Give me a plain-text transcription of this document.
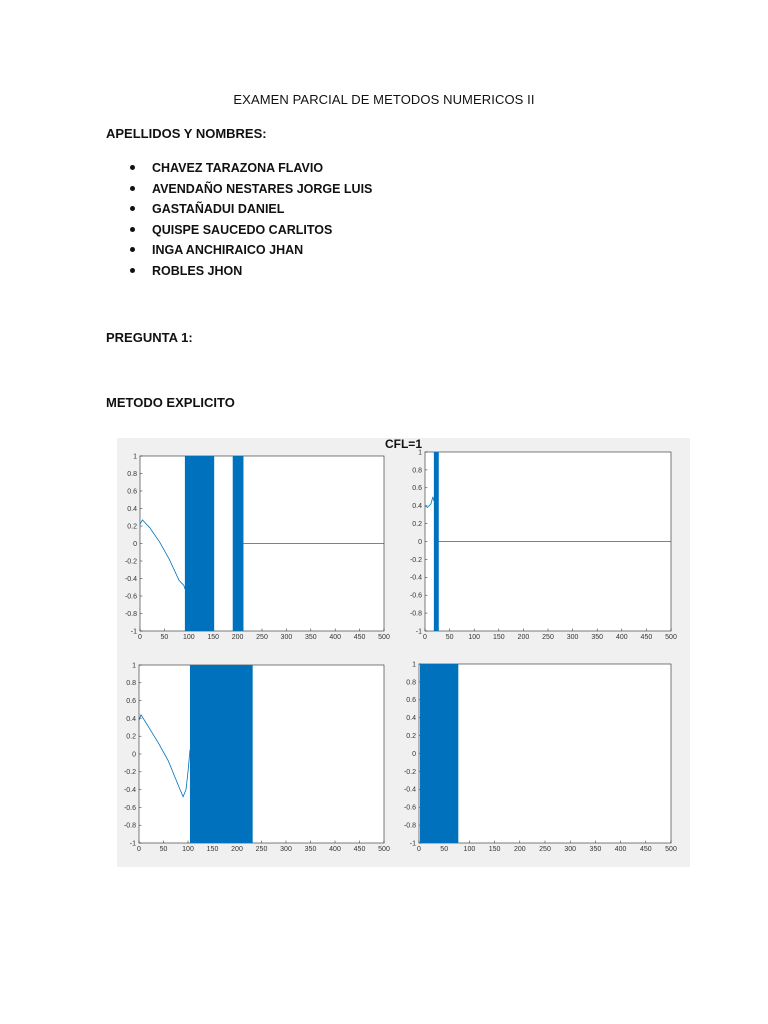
EXAMEN PARCIAL DE METODOS NUMERICOS II
APELLIDOS Y NOMBRES:
CHAVEZ TARAZONA FLAVIO
AVENDAÑO NESTARES JORGE LUIS
GASTAÑADUI DANIEL
QUISPE SAUCEDO CARLITOS
INGA ANCHIRAICO JHAN
ROBLES JHON
PREGUNTA 1:
METODO EXPLICITO
0	50 100 150 200 250 300 350 400 450 500
-1
-0.8
-0.6
-0.4
-0.2
0
0.2
0.4
0.6
0.8
1
0	50 100 150 200 250 300 350 400 450 500
-1
-0.8
-0.6
-0.4
-0.2
0
0.2
0.4
0.6
0.8
1
0	50 100 150 200 250 300 350 400 450 500
-1
-0.8
-0.6
-0.4
-0.2
0
0.2
0.4
0.6
0.8
1
0	50 100 150 200 250 300 350 400 450 500
-1
-0.8
-0.6
-0.4
-0.2
0
0.2
0.4
0.6
0.8
1
CFL=1
